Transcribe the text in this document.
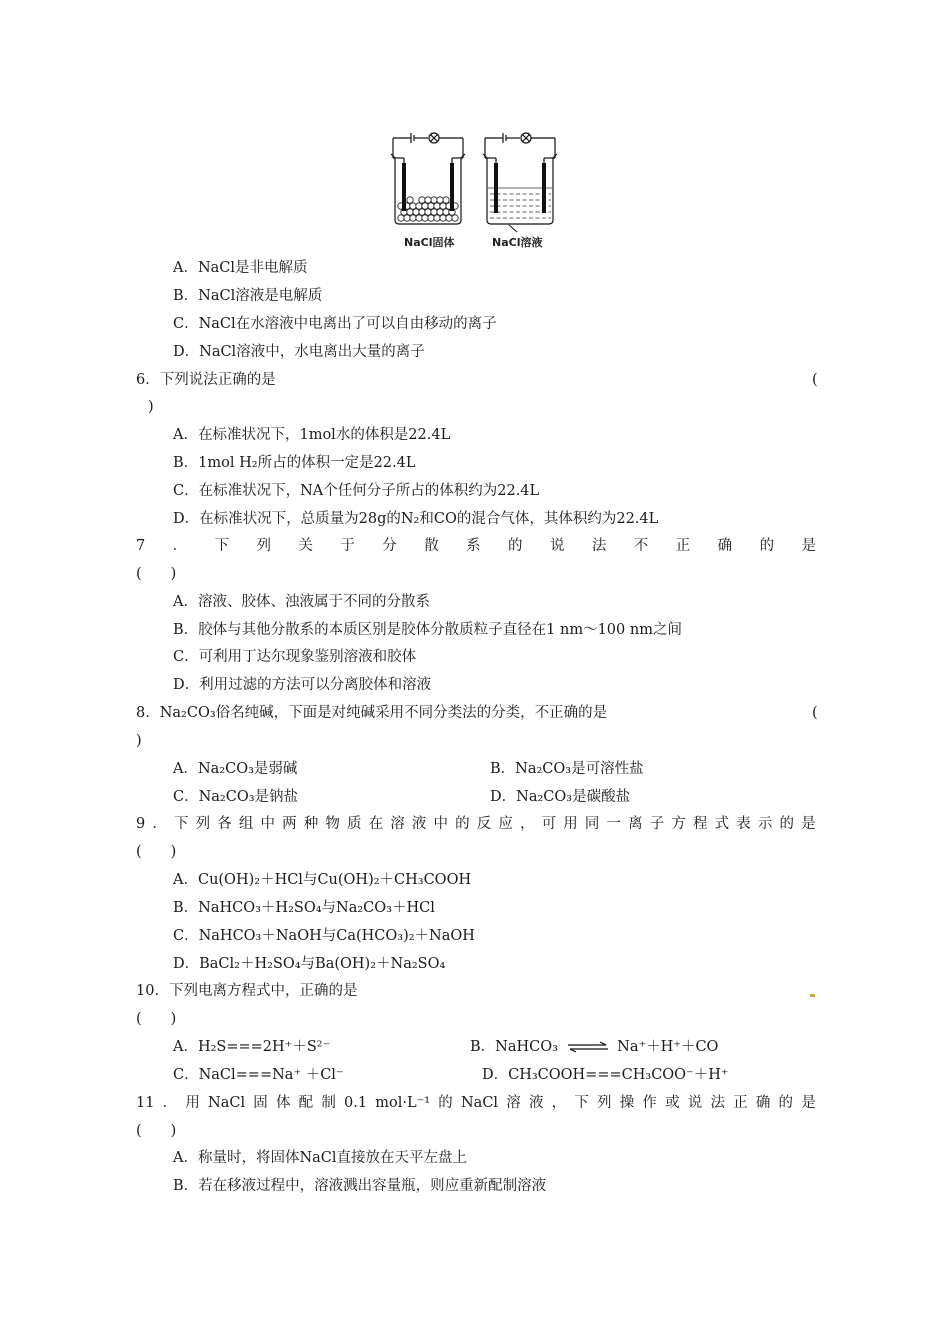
NaCl固体	NaCl溶液
A．NaCl是非电解质
B．NaCl溶液是电解质
C．NaCl在水溶液中电离出了可以自由移动的离子
D．NaCl溶液中，水电离出大量的离子
6．下列说法正确的是	(
)
A．在标准状况下，1mol水的体积是22.4L
B．1mol H₂所占的体积一定是22.4L
C．在标准状况下，NA个任何分子所占的体积约为22.4L
D．在标准状况下，总质量为28g的N₂和CO的混合气体，其体积约为22.4L
7 ． 下 列 关 于 分 散 系 的 说 法 不 正 确 的 是
(　　)
A．溶液、胶体、浊液属于不同的分散系
B．胶体与其他分散系的本质区别是胶体分散质粒子直径在1 nm～100 nm之间
C．可利用丁达尔现象鉴别溶液和胶体
D．利用过滤的方法可以分离胶体和溶液
8．Na₂CO₃俗名纯碱，下面是对纯碱采用不同分类法的分类，不正确的是	(
)
A．Na₂CO₃是弱碱	B．Na₂CO₃是可溶性盐
C．Na₂CO₃是钠盐	D．Na₂CO₃是碳酸盐
9 ． 下 列 各 组 中 两 种 物 质 在 溶 液 中 的 反 应 ， 可 用 同 一 离 子 方 程 式 表 示 的 是
(　　)
A．Cu(OH)₂＋HCl与Cu(OH)₂＋CH₃COOH
B．NaHCO₃＋H₂SO₄与Na₂CO₃＋HCl
C．NaHCO₃＋NaOH与Ca(HCO₃)₂＋NaOH
D．BaCl₂＋H₂SO₄与Ba(OH)₂＋Na₂SO₄
10．下列电离方程式中，正确的是
(　　)
A．H₂S===2H⁺＋S²⁻	B．NaHCO₃ ⇌ Na⁺＋H⁺＋CO
C．NaCl===Na⁺ ＋Cl⁻	D．CH₃COOH===CH₃COO⁻＋H⁺
11 ． 用 NaCl 固 体 配 制 0.1 mol·L⁻¹ 的 NaCl 溶 液 ， 下 列 操 作 或 说 法 正 确 的 是
(　　)
A．称量时，将固体NaCl直接放在天平左盘上
B．若在移液过程中，溶液溅出容量瓶，则应重新配制溶液
